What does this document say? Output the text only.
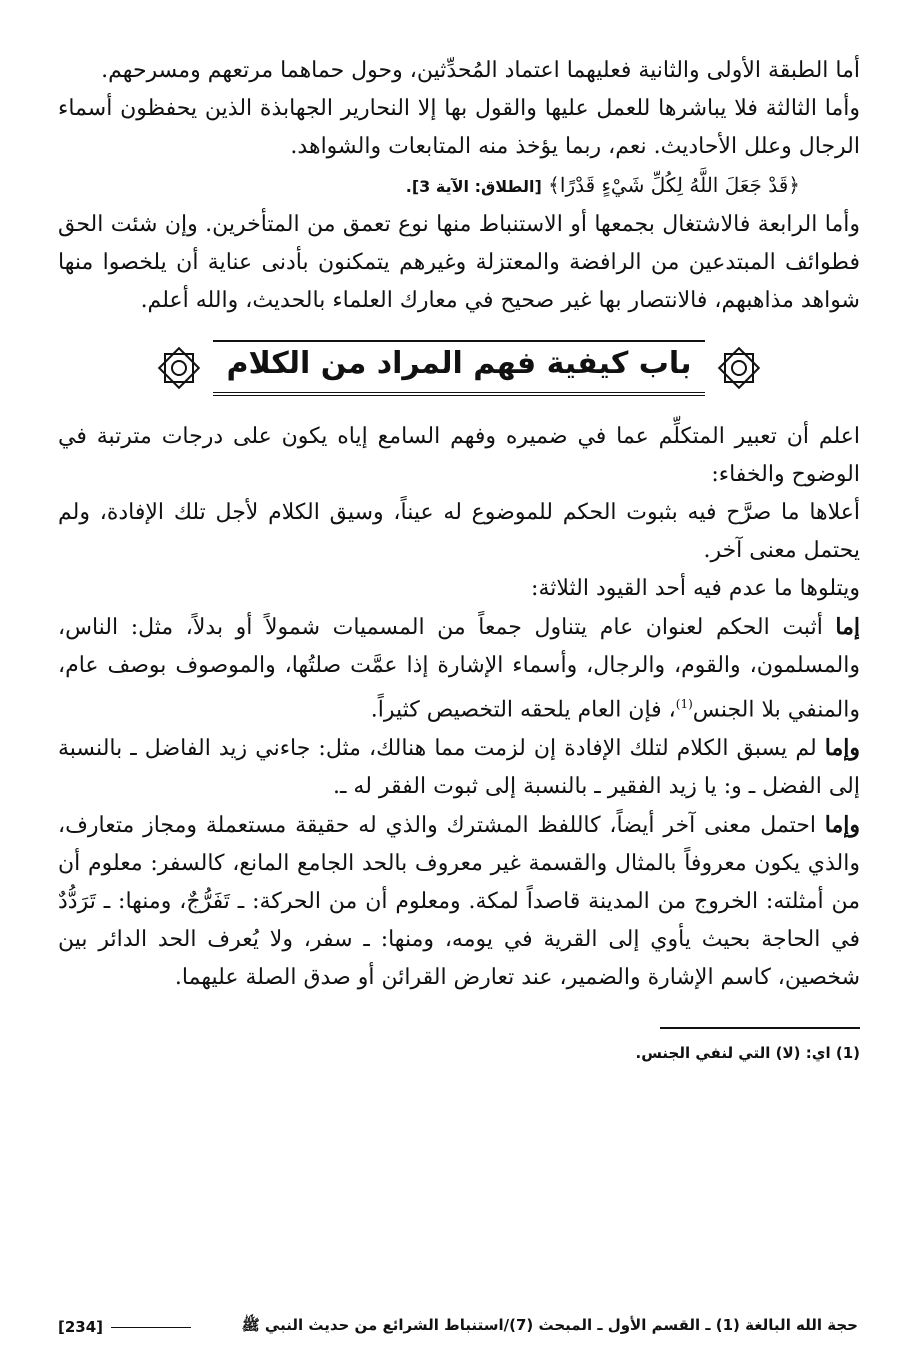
أما الطبقة الأولى والثانية فعليهما اعتماد المُحدِّثين، وحول حماهما مرتعهم ومسرحهم.

وأما الثالثة فلا يباشرها للعمل عليها والقول بها إلا النحارير الجهابذة الذين يحفظون أسماء الرجال وعلل الأحاديث. نعم، ربما يؤخذ منه المتابعات والشواهد.

﴿قَدْ جَعَلَ اللَّهُ لِكُلِّ شَيْءٍ قَدْرًا﴾ [الطلاق: الآية 3].

وأما الرابعة فالاشتغال بجمعها أو الاستنباط منها نوع تعمق من المتأخرين. وإن شئت الحق فطوائف المبتدعين من الرافضة والمعتزلة وغيرهم يتمكنون بأدنى عناية أن يلخصوا منها شواهد مذاهبهم، فالانتصار بها غير صحيح في معارك العلماء بالحديث، والله أعلم.

باب كيفية فهم المراد من الكلام

اعلم أن تعبير المتكلِّم عما في ضميره وفهم السامع إياه يكون على درجات مترتبة في الوضوح والخفاء:

أعلاها ما صرَّح فيه بثبوت الحكم للموضوع له عيناً، وسيق الكلام لأجل تلك الإفادة، ولم يحتمل معنى آخر.

ويتلوها ما عدم فيه أحد القيود الثلاثة:

إما أثبت الحكم لعنوان عام يتناول جمعاً من المسميات شمولاً أو بدلاً، مثل: الناس، والمسلمون، والقوم، والرجال، وأسماء الإشارة إذا عمَّت صلتُها، والموصوف بوصف عام، والمنفي بلا الجنس$^{(1)}$، فإن العام يلحقه التخصيص كثيراً.

وإما لم يسبق الكلام لتلك الإفادة إن لزمت مما هنالك، مثل: جاءني زيد الفاضل ـ بالنسبة إلى الفضل ـ و: يا زيد الفقير ـ بالنسبة إلى ثبوت الفقر له ـ.

وإما احتمل معنى آخر أيضاً، كاللفظ المشترك والذي له حقيقة مستعملة ومجاز متعارف، والذي يكون معروفاً بالمثال والقسمة غير معروف بالحد الجامع المانع، كالسفر: معلوم أن من أمثلته: الخروج من المدينة قاصداً لمكة. ومعلوم أن من الحركة: ـ تَفَرُّجٌ، ومنها: ـ تَرَدُّدٌ في الحاجة بحيث يأوي إلى القرية في يومه، ومنها: ـ سفر، ولا يُعرف الحد الدائر بين شخصين، كاسم الإشارة والضمير، عند تعارض القرائن أو صدق الصلة عليهما.

(1) اي: (لا) التي لنفي الجنس.
حجة الله البالغة (1) ـ القسم الأول ـ المبحث (7)/استنباط الشرائع من حديث النبي ﷺ
[234]
